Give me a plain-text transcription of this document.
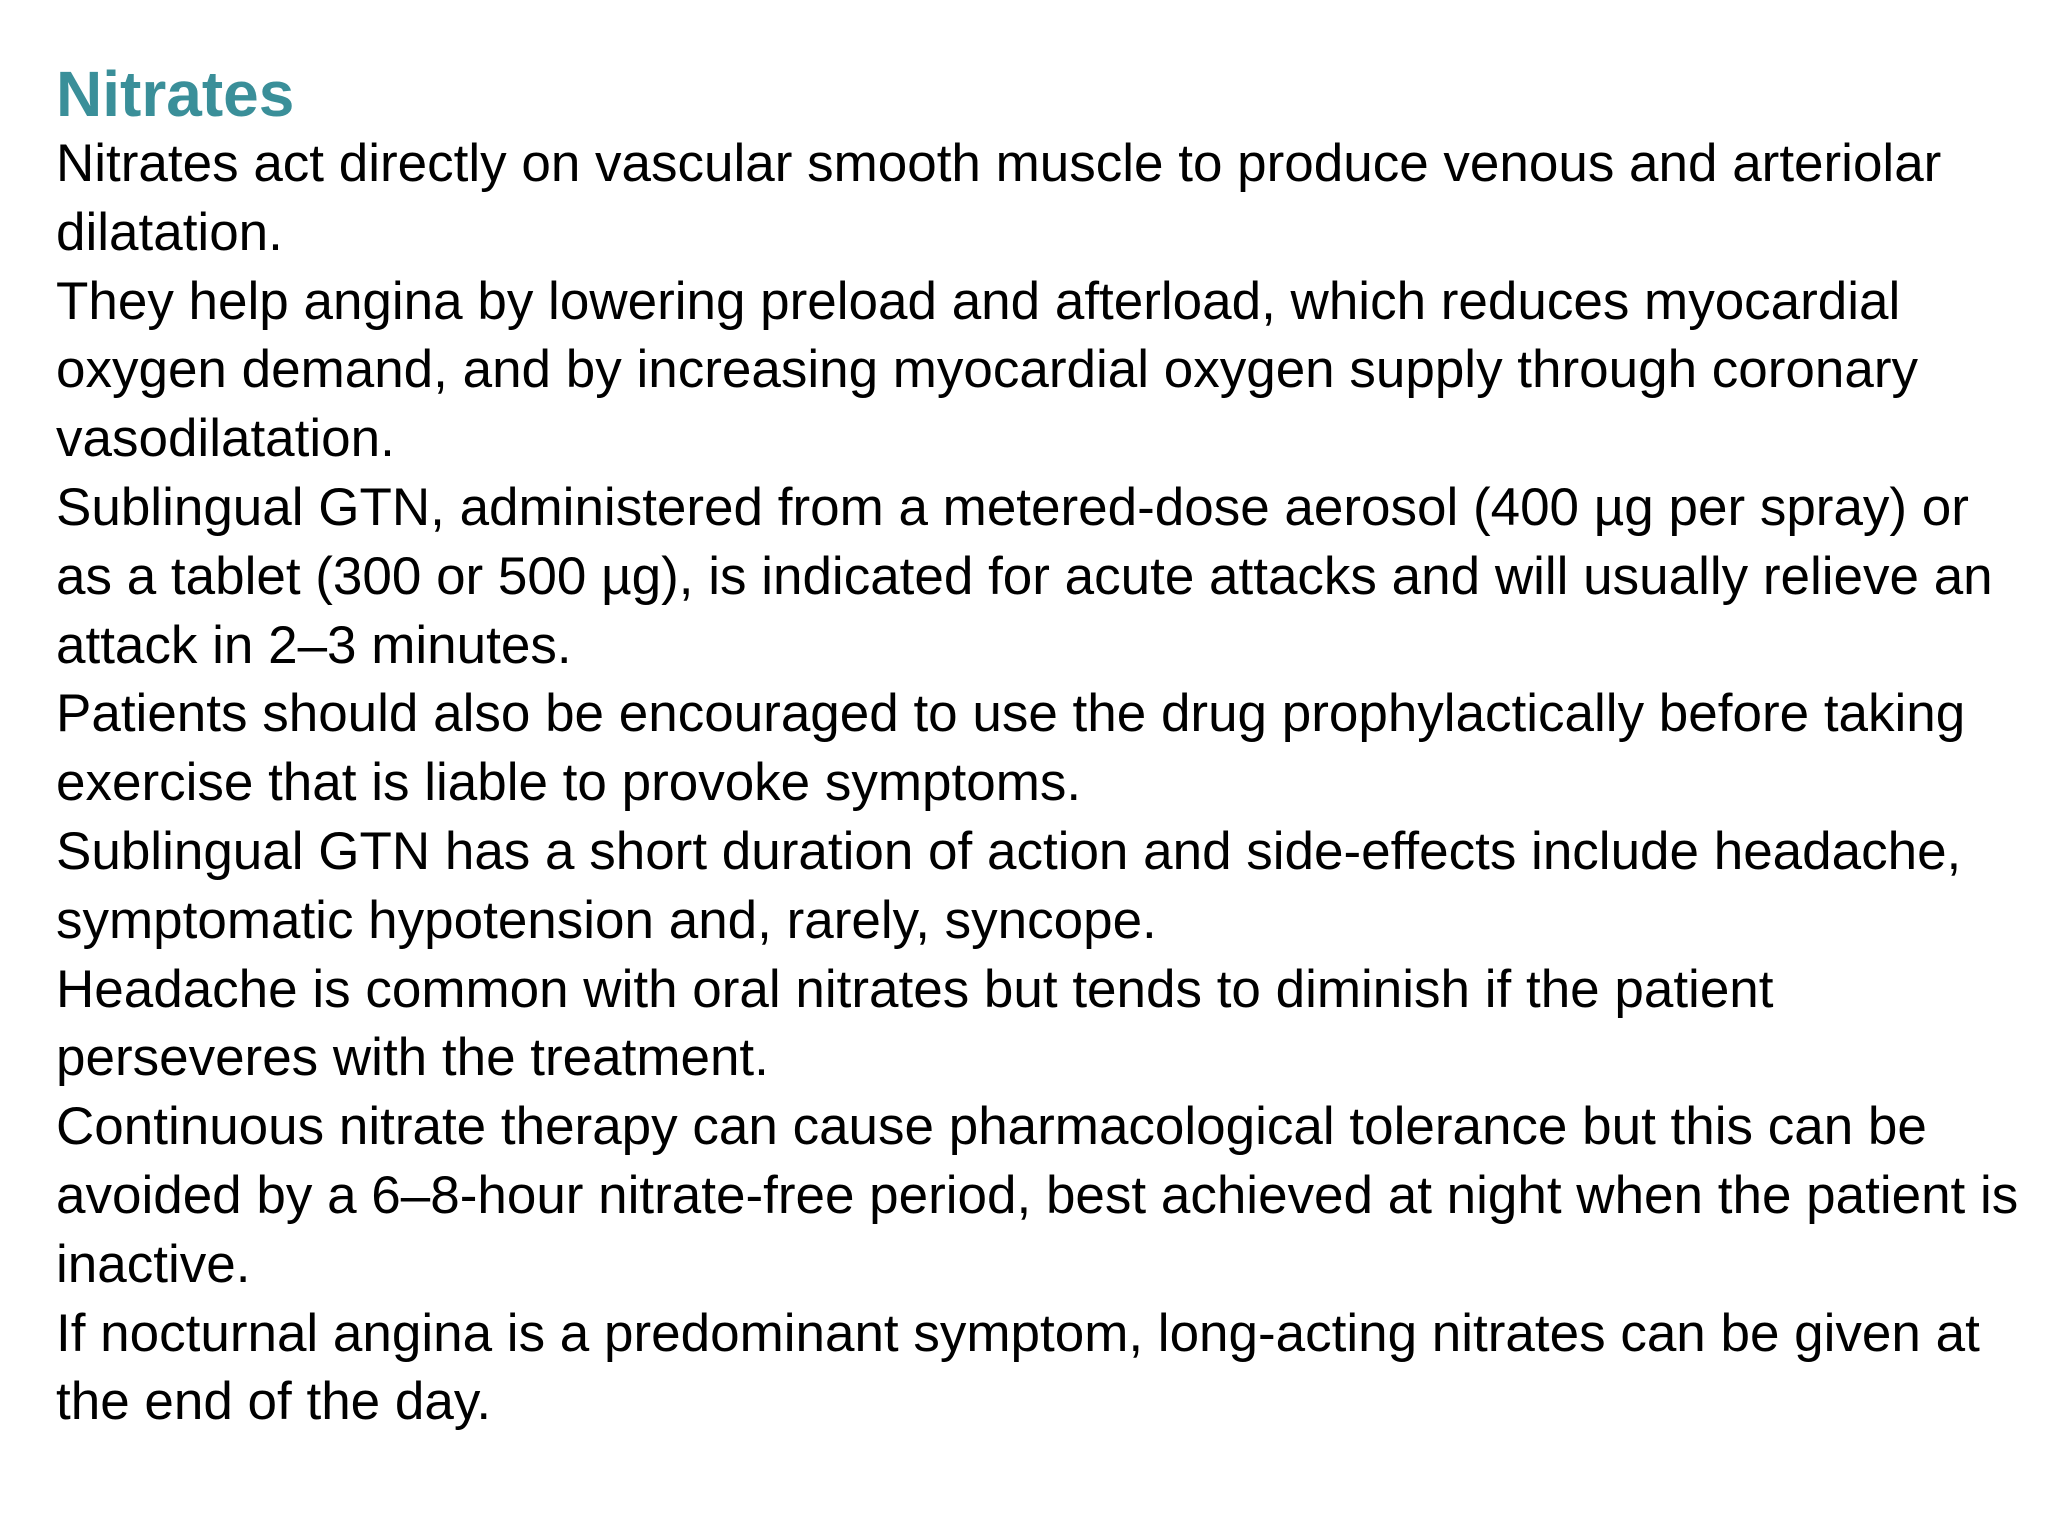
Nitrates

Nitrates act directly on vascular smooth muscle to produce venous and arteriolar dilatation.

They help angina by lowering preload and afterload, which reduces myocardial oxygen demand, and by increasing myocardial oxygen supply through coronary vasodilatation.

Sublingual GTN, administered from a metered-dose aerosol (400 µg per spray) or as a tablet (300 or 500 µg), is indicated for acute attacks and will usually relieve an attack in 2–3 minutes.

Patients should also be encouraged to use the drug prophylactically before taking exercise that is liable to provoke symptoms.

Sublingual GTN has a short duration of action and side-effects include headache, symptomatic hypotension and, rarely, syncope.

Headache is common with oral nitrates but tends to diminish if the patient perseveres with the treatment.

Continuous nitrate therapy can cause pharmacological tolerance but this can be avoided by a 6–8-hour nitrate-free period, best achieved at night when the patient is inactive.

If nocturnal angina is a predominant symptom, long-acting nitrates can be given at the end of the day.
